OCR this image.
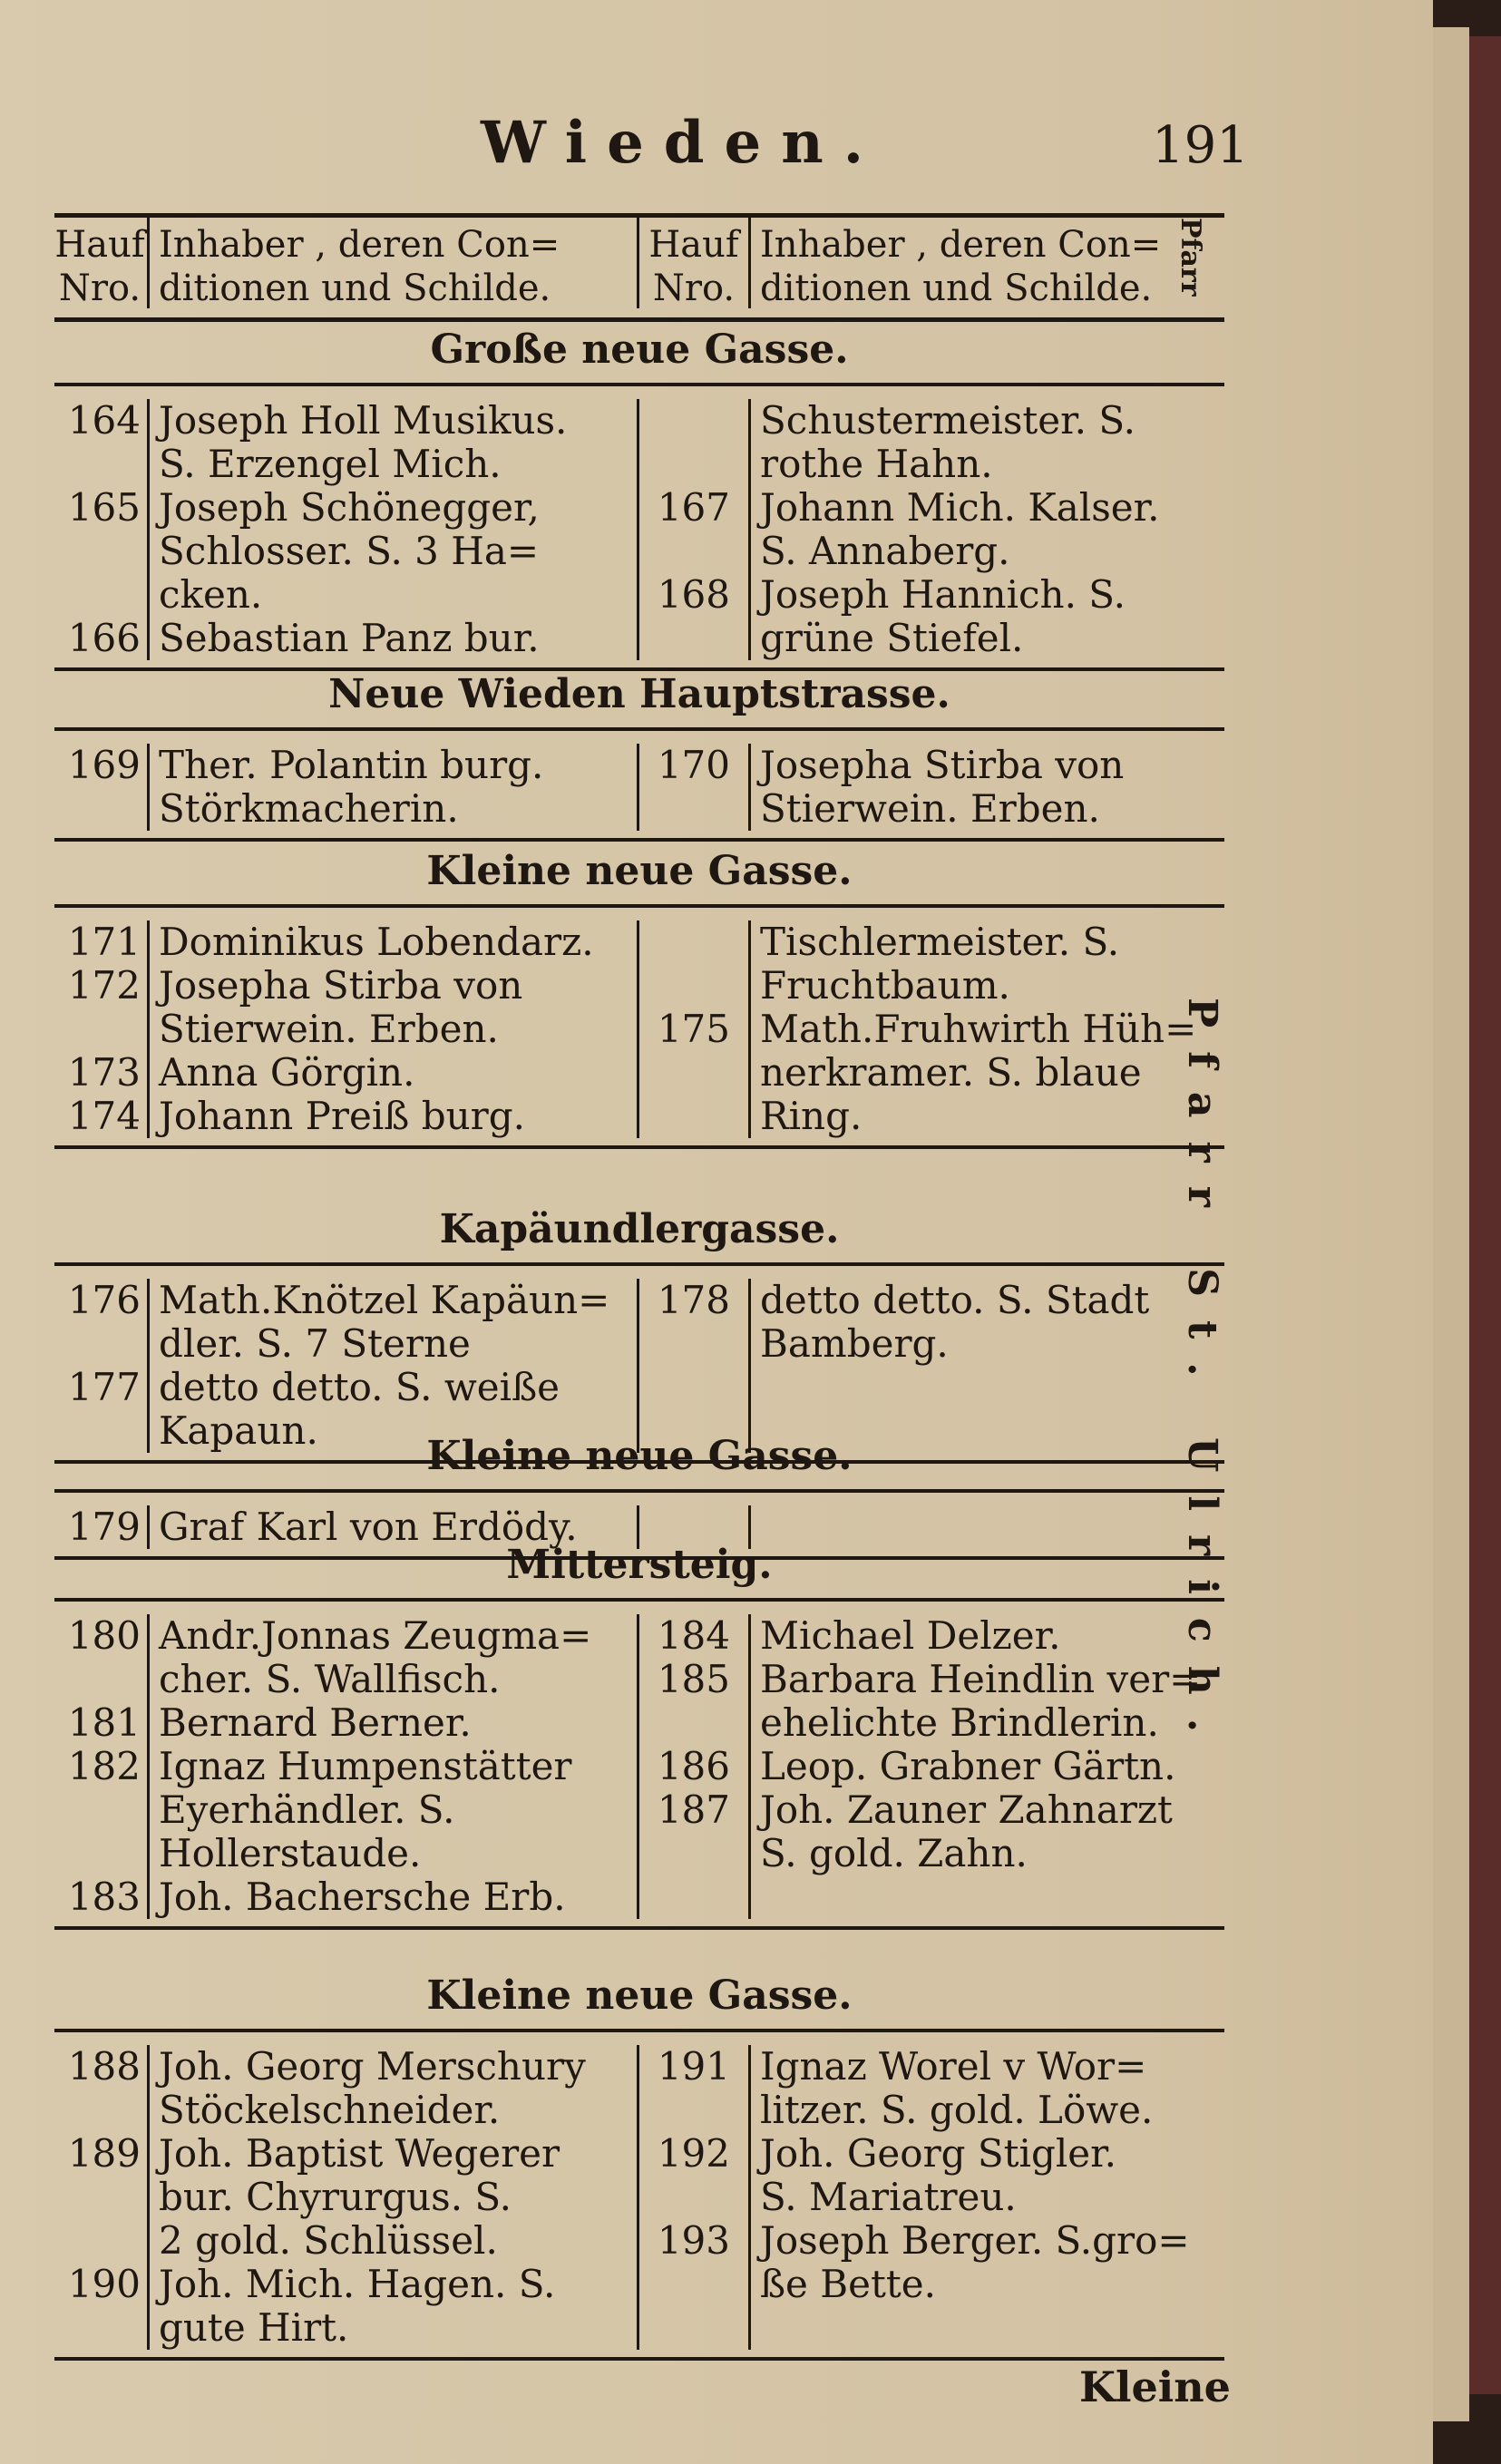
Wieden.	191
Hauf Nro.
Inhaber , deren Con= ditionen und Schilde.
Hauf Nro.
Inhaber , deren Con= ditionen und Schilde. Pfarr
Große neue Gasse.
164 Joseph Holl Musikus.
S. Erzengel Mich.
165 Joseph Schönegger,
Schlosser. S. 3 Ha=
cken.
166 Sebastian Panz bur.
Schustermeister. S.
rothe Hahn.
167 Johann Mich. Kalser.
S. Annaberg.
168 Joseph Hannich. S.
grüne Stiefel.
Neue Wieden Hauptstrasse.
169 Ther. Polantin burg.
Störkmacherin.
170 Josepha Stirba von
Stierwein. Erben.
Kleine neue Gasse.
171 Dominikus Lobendarz.
172 Josepha Stirba von
Stierwein. Erben.
173 Anna Görgin.
174 Johann Preiß burg.
Tischlermeister. S.
Fruchtbaum.
175 Math.Fruhwirth Hüh=
nerkramer. S. blaue
Ring.
Kapäundlergasse.
176 Math.Knötzel Kapäun=
dler. S. 7 Sterne
177 detto detto. S. weiße
Kapaun.
178 detto detto. S. Stadt
Bamberg.
Kleine neue Gasse.
179 Graf Karl von Erdödy.
Mittersteig.
180 Andr.Jonnas Zeugma=
cher. S. Wallfisch.
181 Bernard Berner.
182 Ignaz Humpenstätter
Eyerhändler. S.
Hollerstaude.
183 Joh. Bachersche Erb.
184 Michael Delzer.
185 Barbara Heindlin ver=
ehelichte Brindlerin.
186 Leop. Grabner Gärtn.
187 Joh. Zauner Zahnarzt
S. gold. Zahn.
Kleine neue Gasse.
188 Joh. Georg Merschury
Stöckelschneider.
189 Joh. Baptist Wegerer
bur. Chyrurgus. S.
2 gold. Schlüssel.
190 Joh. Mich. Hagen. S.
gute Hirt.
191 Ignaz Worel v Wor=
litzer. S. gold. Löwe.
192 Joh. Georg Stigler.
S. Mariatreu.
193 Joseph Berger. S.gro=
ße Bette.
Pfarr St. Ulrich.
Kleine
